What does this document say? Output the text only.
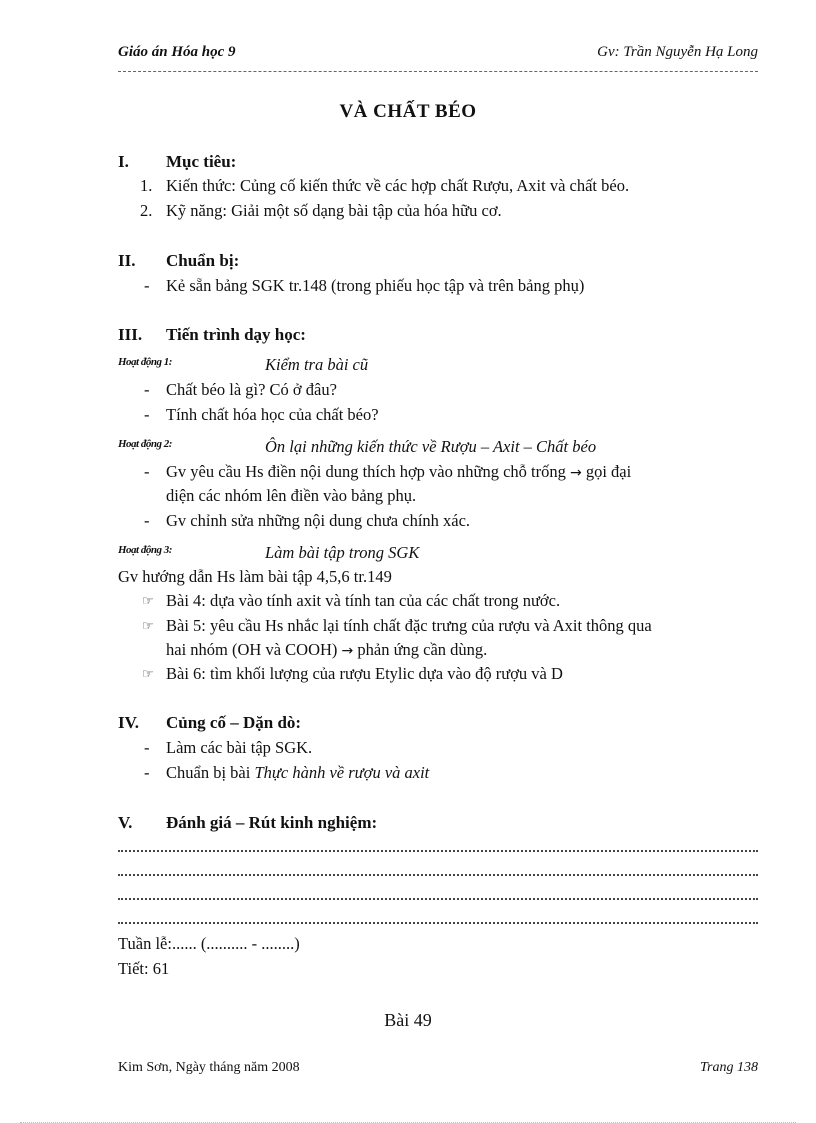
Giáo án Hóa học 9	Gv: Trần Nguyễn Hạ Long
VÀ CHẤT BÉO
I. Mục tiêu:
1. Kiến thức: Củng cố kiến thức về các hợp chất Rượu, Axit và chất béo.
2. Kỹ năng: Giải một số dạng bài tập của hóa hữu cơ.
II. Chuẩn bị:
- Kẻ sẵn bảng SGK tr.148 (trong phiếu học tập và trên bảng phụ)
III. Tiến trình dạy học:
Hoạt động 1:	Kiểm tra bài cũ
- Chất béo là gì? Có ở đâu?
- Tính chất hóa học của chất béo?
Hoạt động 2:	Ôn lại những kiến thức về Rượu – Axit – Chất béo
- Gv yêu cầu Hs điền nội dung thích hợp vào những chỗ trống → gọi đại
diện các nhóm lên điền vào bảng phụ.
- Gv chỉnh sửa những nội dung chưa chính xác.
Hoạt động 3:	Làm bài tập trong SGK
Gv hướng dẫn Hs làm bài tập 4,5,6 tr.149
☞ Bài 4: dựa vào tính axit và tính tan của các chất trong nước.
☞ Bài 5: yêu cầu Hs nhắc lại tính chất đặc trưng của rượu và Axit thông qua
hai nhóm (OH và COOH) → phản ứng cần dùng.
☞ Bài 6: tìm khối lượng của rượu Etylic dựa vào độ rượu và D
IV. Củng cố – Dặn dò:
- Làm các bài tập SGK.
- Chuẩn bị bài Thực hành về rượu và axit
V. Đánh giá – Rút kinh nghiệm:
Tuần lễ:...... (.......... - ........)
Tiết: 61
Bài 49
Kim Sơn, Ngày tháng năm 2008	Trang 138
